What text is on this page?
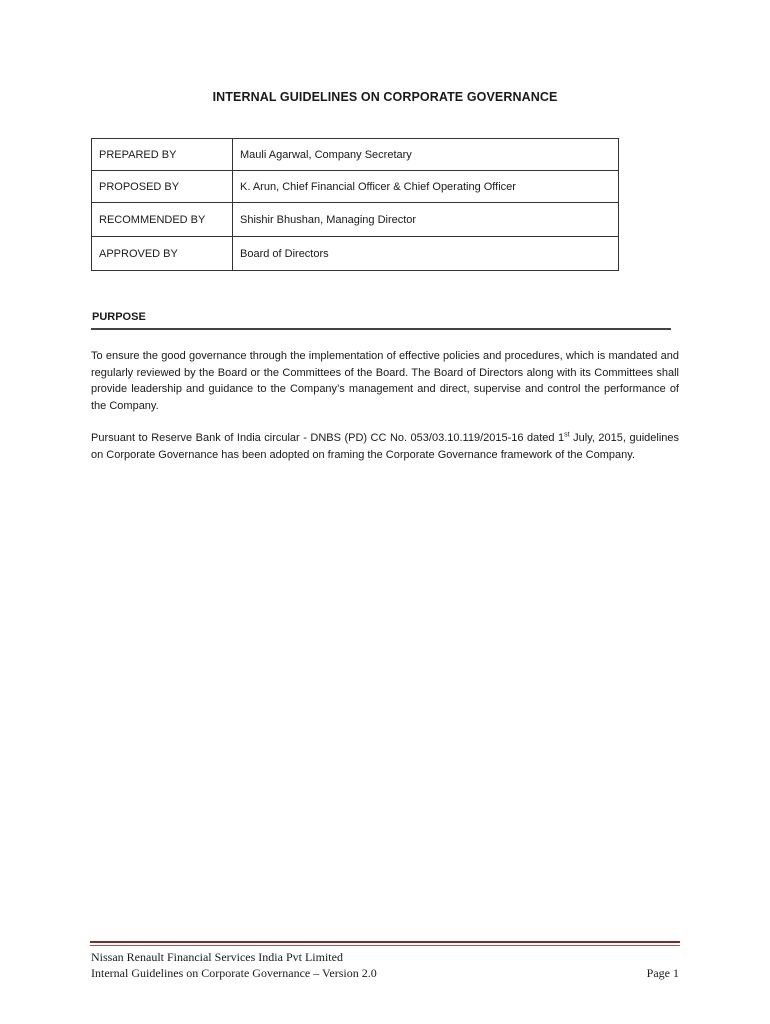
INTERNAL GUIDELINES ON CORPORATE GOVERNANCE
PREPARED BY	Mauli Agarwal, Company Secretary
PROPOSED BY	K. Arun, Chief Financial Officer & Chief Operating Officer
RECOMMENDED BY	Shishir Bhushan, Managing Director
APPROVED BY	Board of Directors
PURPOSE

To ensure the good governance through the implementation of effective policies and procedures, which is mandated and regularly reviewed by the Board or the Committees of the Board. The Board of Directors along with its Committees shall provide leadership and guidance to the Company’s management and direct, supervise and control the performance of the Company.

Pursuant to Reserve Bank of India circular - DNBS (PD) CC No. 053/03.10.119/2015-16 dated 1st July, 2015, guidelines on Corporate Governance has been adopted on framing the Corporate Governance framework of the Company.

Nissan Renault Financial Services India Pvt Limited
Internal Guidelines on Corporate Governance – Version 2.0	Page 1
